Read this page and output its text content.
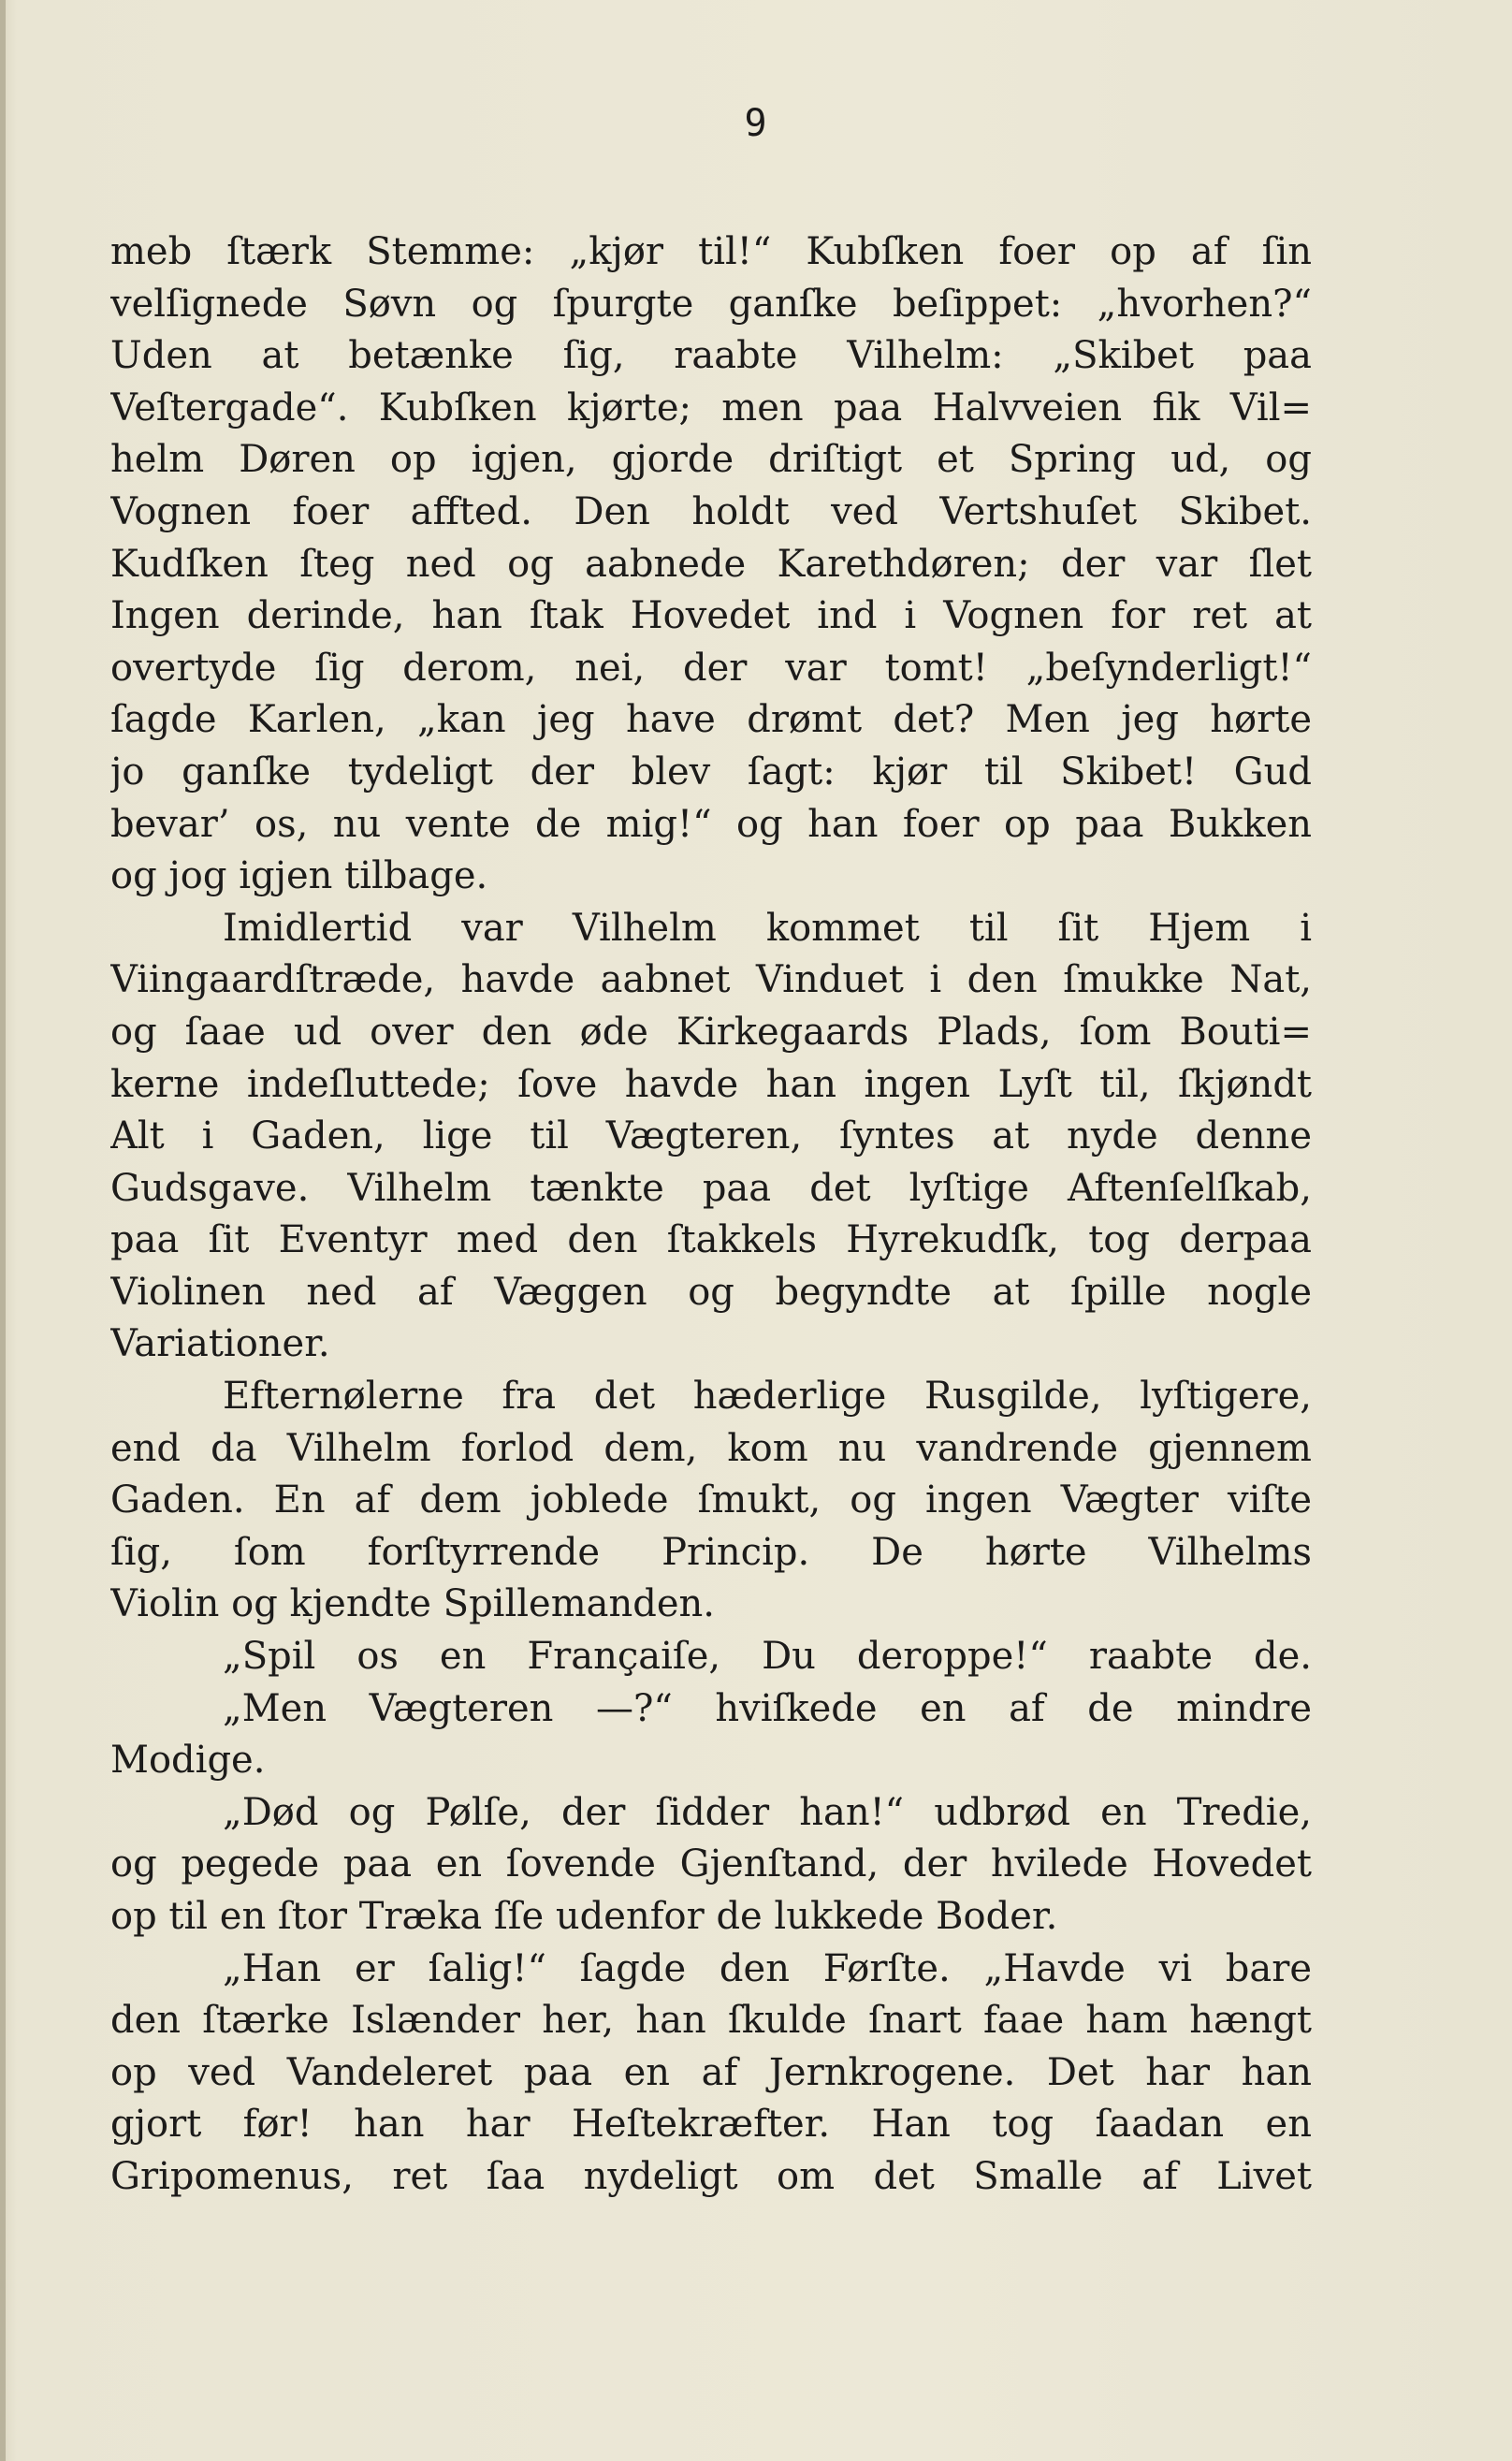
9
meb ſtærk Stemme: „kjør til!“ Kubſken foer op af ſin
velſignede Søvn og ſpurgte ganſke beſippet: „hvorhen?“
Uden at betænke ſig, raabte Vilhelm: „Skibet paa
Veſtergade“. Kubſken kjørte; men paa Halvveien fik Vil=
helm Døren op igjen, gjorde driſtigt et Spring ud, og
Vognen foer affted. Den holdt ved Vertshuſet Skibet.
Kudſken ſteg ned og aabnede Karethdøren; der var ſlet
Ingen derinde, han ſtak Hovedet ind i Vognen for ret at
overtyde ſig derom, nei, der var tomt! „beſynderligt!“
ſagde Karlen, „kan jeg have drømt det? Men jeg hørte
jo ganſke tydeligt der blev ſagt: kjør til Skibet! Gud
bevar’ os, nu vente de mig!“ og han foer op paa Bukken
og jog igjen tilbage.
Imidlertid var Vilhelm kommet til ſit Hjem i
Viingaardſtræde, havde aabnet Vinduet i den ſmukke Nat,
og ſaae ud over den øde Kirkegaards Plads, ſom Bouti=
kerne indeſluttede; ſove havde han ingen Lyſt til, ſkjøndt
Alt i Gaden, lige til Vægteren, ſyntes at nyde denne
Gudsgave. Vilhelm tænkte paa det lyſtige Aftenſelſkab,
paa ſit Eventyr med den ſtakkels Hyrekudſk, tog derpaa
Violinen ned af Væggen og begyndte at ſpille nogle
Variationer.
Efternølerne fra det hæderlige Rusgilde, lyſtigere,
end da Vilhelm forlod dem, kom nu vandrende gjennem
Gaden. En af dem joblede ſmukt, og ingen Vægter viſte
ſig, ſom forſtyrrende Princip. De hørte Vilhelms
Violin og kjendte Spillemanden.
„Spil os en Françaiſe, Du deroppe!“ raabte de.
„Men Vægteren —?“ hviſkede en af de mindre
Modige.
„Død og Pølſe, der ſidder han!“ udbrød en Tredie,
og pegede paa en ſovende Gjenſtand, der hvilede Hovedet
op til en ſtor Træka ſſe udenfor de lukkede Boder.
„Han er ſalig!“ ſagde den Førſte. „Havde vi bare
den ſtærke Islænder her, han ſkulde ſnart faae ham hængt
op ved Vandeleret paa en af Jernkrogene. Det har han
gjort før! han har Heſtekræfter. Han tog ſaadan en
Gripomenus, ret ſaa nydeligt om det Smalle af Livet
